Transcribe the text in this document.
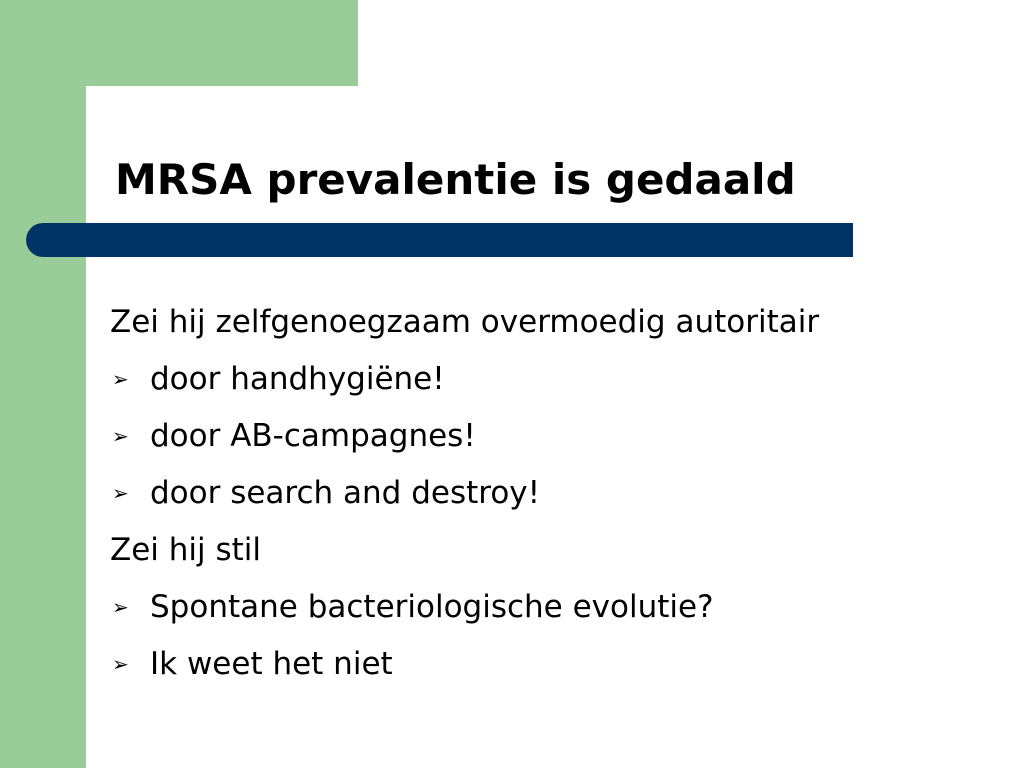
MRSA prevalentie is gedaald
Zei hij zelfgenoegzaam overmoedig autoritair
➢ door handhygiëne!
➢ door AB-campagnes!
➢ door search and destroy!
Zei hij stil
➢ Spontane bacteriologische evolutie?
➢ Ik weet het niet
